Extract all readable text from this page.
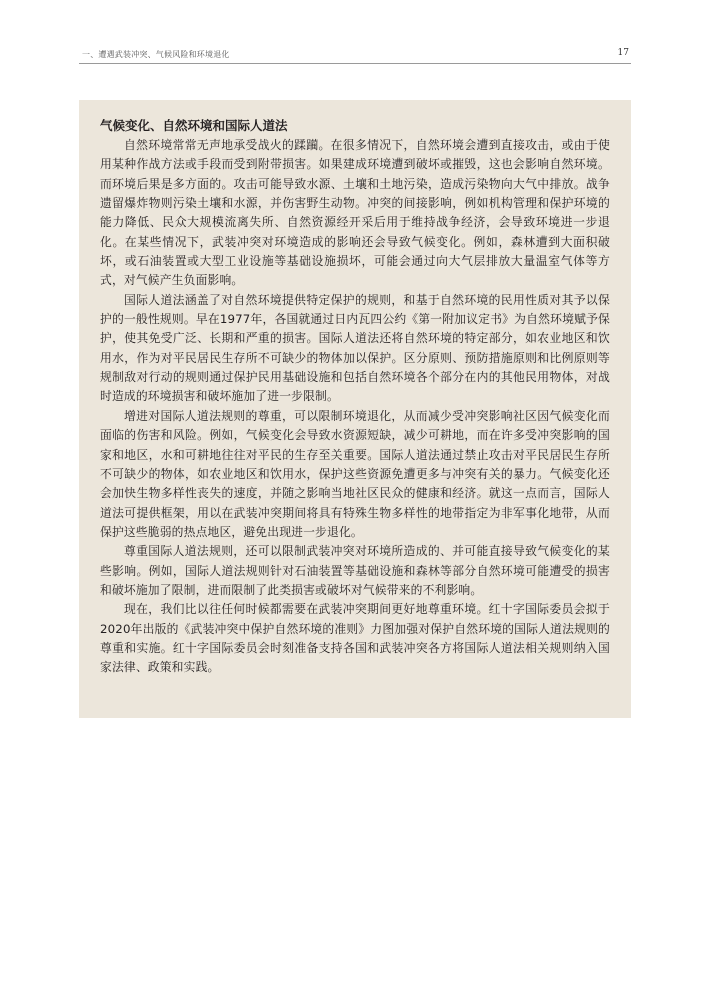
一、遭遇武装冲突、气候风险和环境退化	17
气候变化、自然环境和国际人道法

自然环境常常无声地承受战火的蹂躏。在很多情况下，自然环境会遭到直接攻击，或由于使用某种作战方法或手段而受到附带损害。如果建成环境遭到破坏或摧毁，这也会影响自然环境。而环境后果是多方面的。攻击可能导致水源、土壤和土地污染，造成污染物向大气中排放。战争遗留爆炸物则污染土壤和水源，并伤害野生动物。冲突的间接影响，例如机构管理和保护环境的能力降低、民众大规模流离失所、自然资源经开采后用于维持战争经济，会导致环境进一步退化。在某些情况下，武装冲突对环境造成的影响还会导致气候变化。例如，森林遭到大面积破坏，或石油装置或大型工业设施等基础设施损坏，可能会通过向大气层排放大量温室气体等方式，对气候产生负面影响。

国际人道法涵盖了对自然环境提供特定保护的规则，和基于自然环境的民用性质对其予以保护的一般性规则。早在1977年，各国就通过日内瓦四公约《第一附加议定书》为自然环境赋予保护，使其免受广泛、长期和严重的损害。国际人道法还将自然环境的特定部分，如农业地区和饮用水，作为对平民居民生存所不可缺少的物体加以保护。区分原则、预防措施原则和比例原则等规制敌对行动的规则通过保护民用基础设施和包括自然环境各个部分在内的其他民用物体，对战时造成的环境损害和破坏施加了进一步限制。

增进对国际人道法规则的尊重，可以限制环境退化，从而减少受冲突影响社区因气候变化而面临的伤害和风险。例如，气候变化会导致水资源短缺，减少可耕地，而在许多受冲突影响的国家和地区，水和可耕地往往对平民的生存至关重要。国际人道法通过禁止攻击对平民居民生存所不可缺少的物体，如农业地区和饮用水，保护这些资源免遭更多与冲突有关的暴力。气候变化还会加快生物多样性丧失的速度，并随之影响当地社区民众的健康和经济。就这一点而言，国际人道法可提供框架，用以在武装冲突期间将具有特殊生物多样性的地带指定为非军事化地带，从而保护这些脆弱的热点地区，避免出现进一步退化。

尊重国际人道法规则，还可以限制武装冲突对环境所造成的、并可能直接导致气候变化的某些影响。例如，国际人道法规则针对石油装置等基础设施和森林等部分自然环境可能遭受的损害和破坏施加了限制，进而限制了此类损害或破坏对气候带来的不利影响。

现在，我们比以往任何时候都需要在武装冲突期间更好地尊重环境。红十字国际委员会拟于2020年出版的《武装冲突中保护自然环境的准则》力图加强对保护自然环境的国际人道法规则的尊重和实施。红十字国际委员会时刻准备支持各国和武装冲突各方将国际人道法相关规则纳入国家法律、政策和实践。
